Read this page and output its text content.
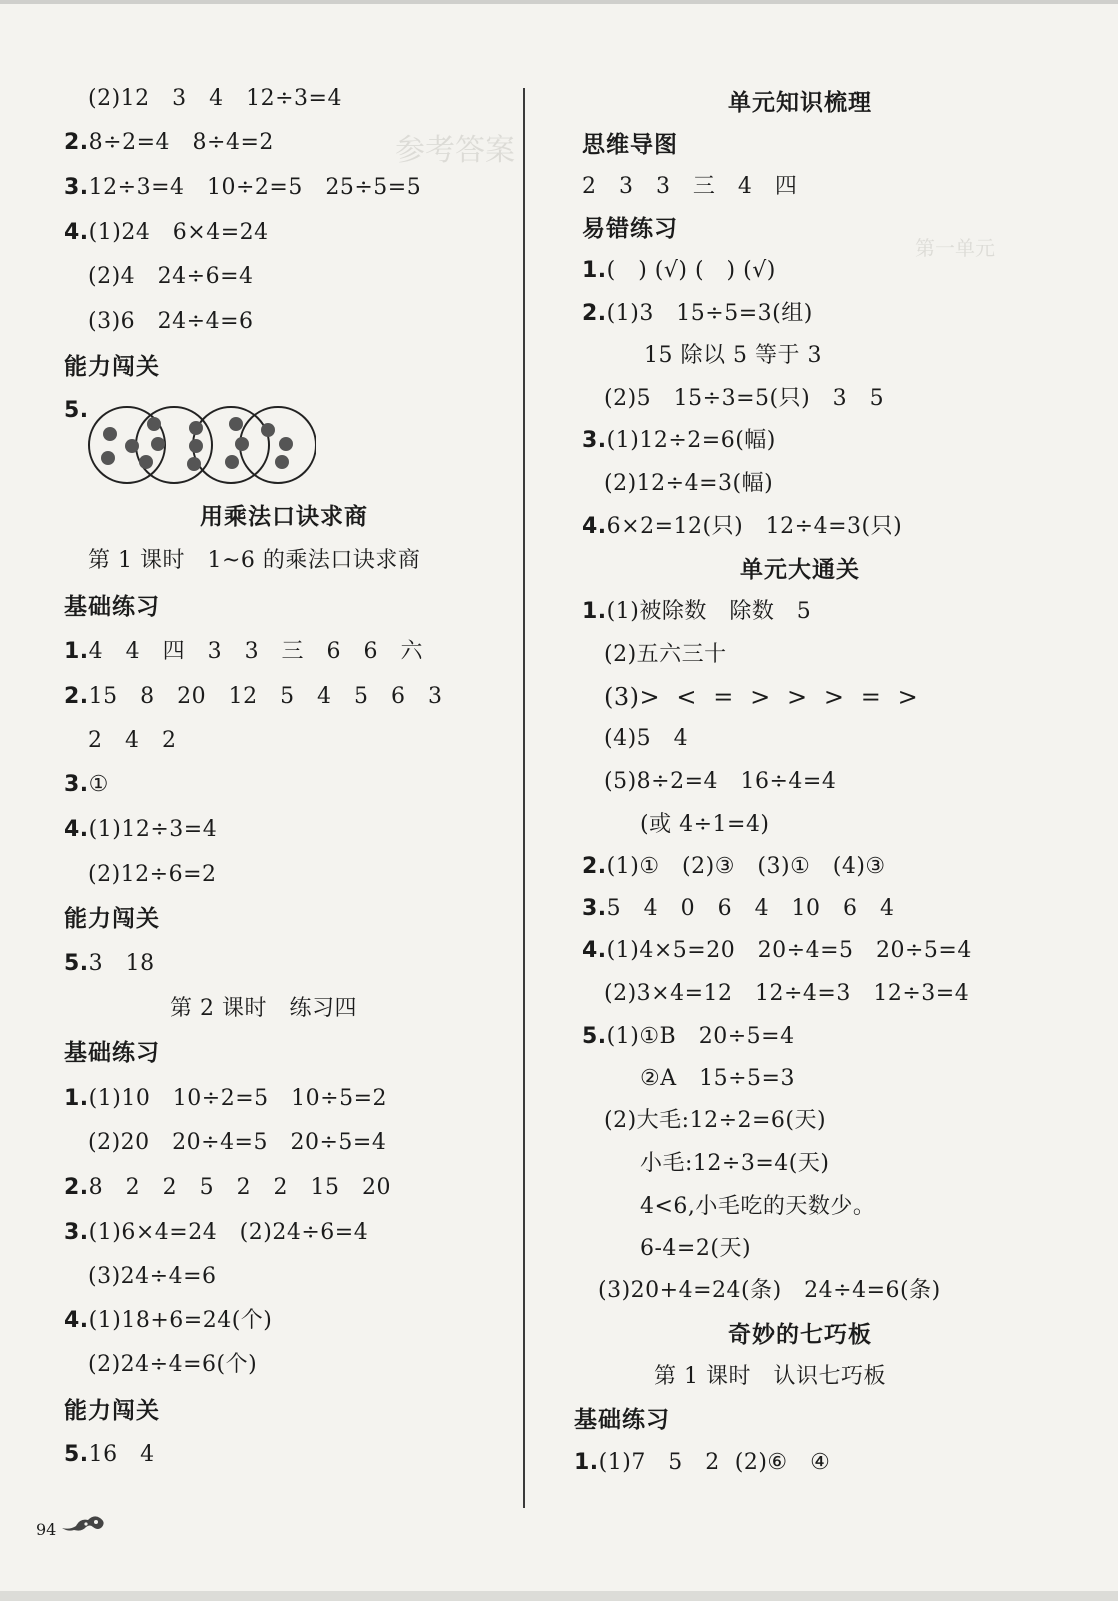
参考答案
第一单元
(2)12   3   4   12÷3=4
2.8÷2=4   8÷4=2
3.12÷3=4   10÷2=5   25÷5=5
4.(1)24   6×4=24
(2)4   24÷6=4
(3)6   24÷4=6
能力闯关
5.
用乘法口诀求商
第 1 课时   1~6 的乘法口诀求商
基础练习
1.4   4   四   3   3   三   6   6   六
2.15   8   20   12   5   4   5   6   3
2   4   2
3.①
4.(1)12÷3=4
(2)12÷6=2
能力闯关
5.3   18
第 2 课时   练习四
基础练习
1.(1)10   10÷2=5   10÷5=2
(2)20   20÷4=5   20÷5=4
2.8   2   2   5   2   2   15   20
3.(1)6×4=24   (2)24÷6=4
(3)24÷4=6
4.(1)18+6=24(个)
(2)24÷4=6(个)
能力闯关
5.16   4
单元知识梳理
思维导图
2   3   3   三   4   四
易错练习
1.(   ) (√) (   ) (√)
2.(1)3   15÷5=3(组)
15 除以 5 等于 3
(2)5   15÷3=5(只)   3   5
3.(1)12÷2=6(幅)
(2)12÷4=3(幅)
4.6×2=12(只)   12÷4=3(只)
单元大通关
1.(1)被除数   除数   5
(2)五六三十
(3)>  <  =  >  >  >  =  >
(4)5   4
(5)8÷2=4   16÷4=4
(或 4÷1=4)
2.(1)①   (2)③   (3)①   (4)③
3.5   4   0   6   4   10   6   4
4.(1)4×5=20   20÷4=5   20÷5=4
(2)3×4=12   12÷4=3   12÷3=4
5.(1)①B   20÷5=4
②A   15÷5=3
(2)大毛:12÷2=6(天)
小毛:12÷3=4(天)
4<6,小毛吃的天数少。
6-4=2(天)
(3)20+4=24(条)   24÷4=6(条)
奇妙的七巧板
第 1 课时   认识七巧板
基础练习
1.(1)7   5   2  (2)⑥   ④
94
